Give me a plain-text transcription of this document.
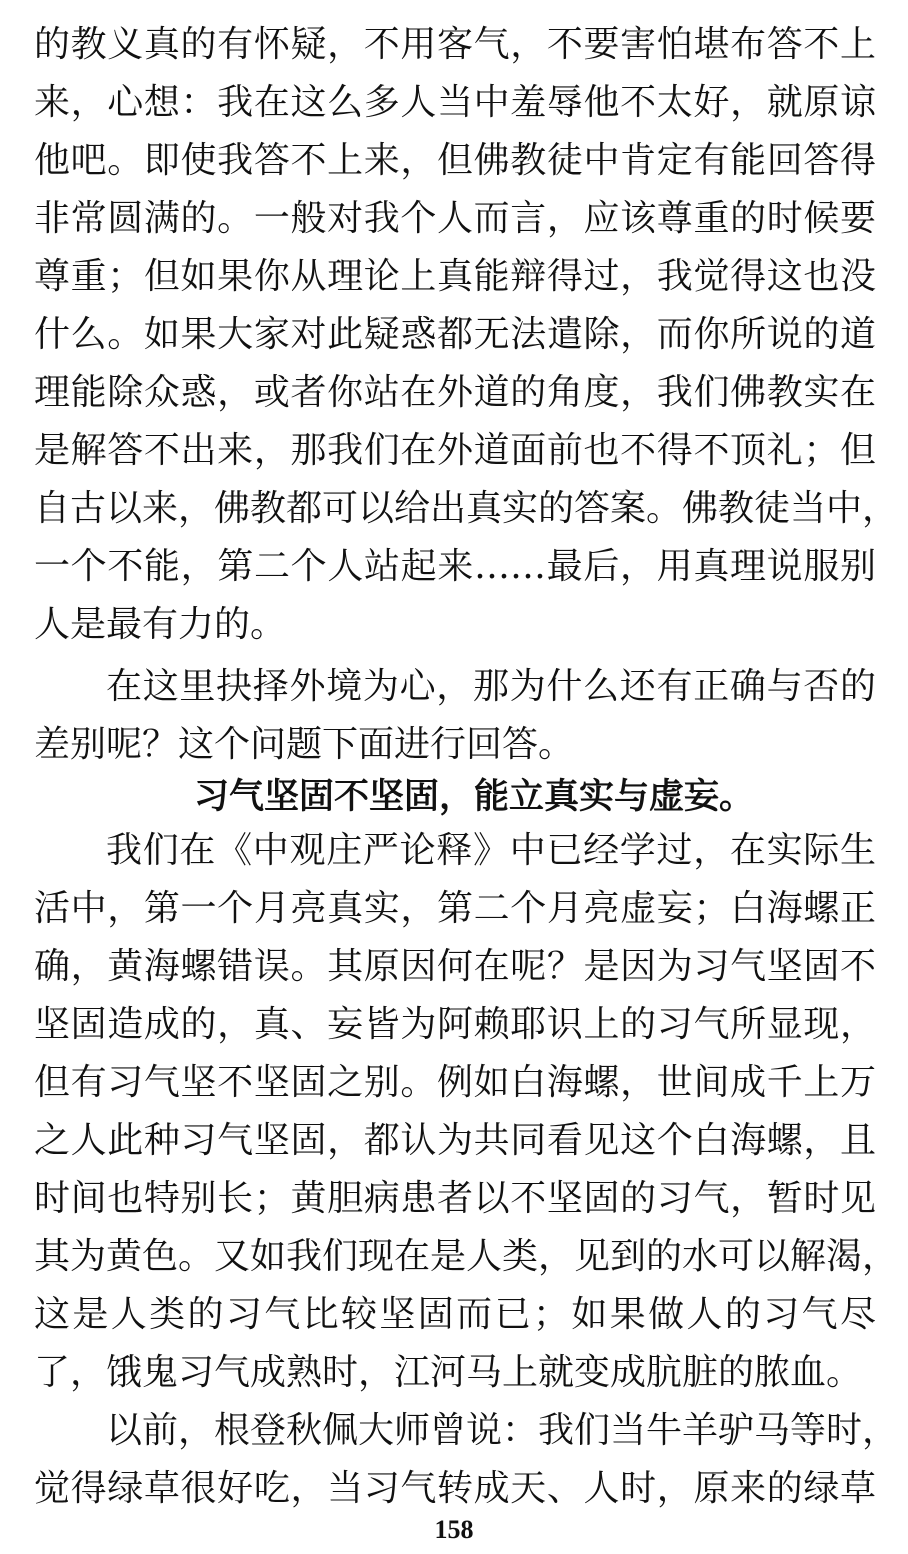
的教义真的有怀疑，不用客气，不要害怕堪布答不上
来，心想：我在这么多人当中羞辱他不太好，就原谅
他吧。即使我答不上来，但佛教徒中肯定有能回答得
非常圆满的。一般对我个人而言，应该尊重的时候要
尊重；但如果你从理论上真能辩得过，我觉得这也没
什么。如果大家对此疑惑都无法遣除，而你所说的道
理能除众惑，或者你站在外道的角度，我们佛教实在
是解答不出来，那我们在外道面前也不得不顶礼；但
自古以来，佛教都可以给出真实的答案。佛教徒当中，
一个不能，第二个人站起来……最后，用真理说服别
人是最有力的。
在这里抉择外境为心，那为什么还有正确与否的
差别呢？这个问题下面进行回答。
习气坚固不坚固，能立真实与虚妄。
我们在《中观庄严论释》中已经学过，在实际生
活中，第一个月亮真实，第二个月亮虚妄；白海螺正
确，黄海螺错误。其原因何在呢？是因为习气坚固不
坚固造成的，真、妄皆为阿赖耶识上的习气所显现，
但有习气坚不坚固之别。例如白海螺，世间成千上万
之人此种习气坚固，都认为共同看见这个白海螺，且
时间也特别长；黄胆病患者以不坚固的习气，暂时见
其为黄色。又如我们现在是人类，见到的水可以解渴，
这是人类的习气比较坚固而已；如果做人的习气尽
了，饿鬼习气成熟时，江河马上就变成肮脏的脓血。
以前，根登秋佩大师曾说：我们当牛羊驴马等时，
觉得绿草很好吃，当习气转成天、人时，原来的绿草
158
